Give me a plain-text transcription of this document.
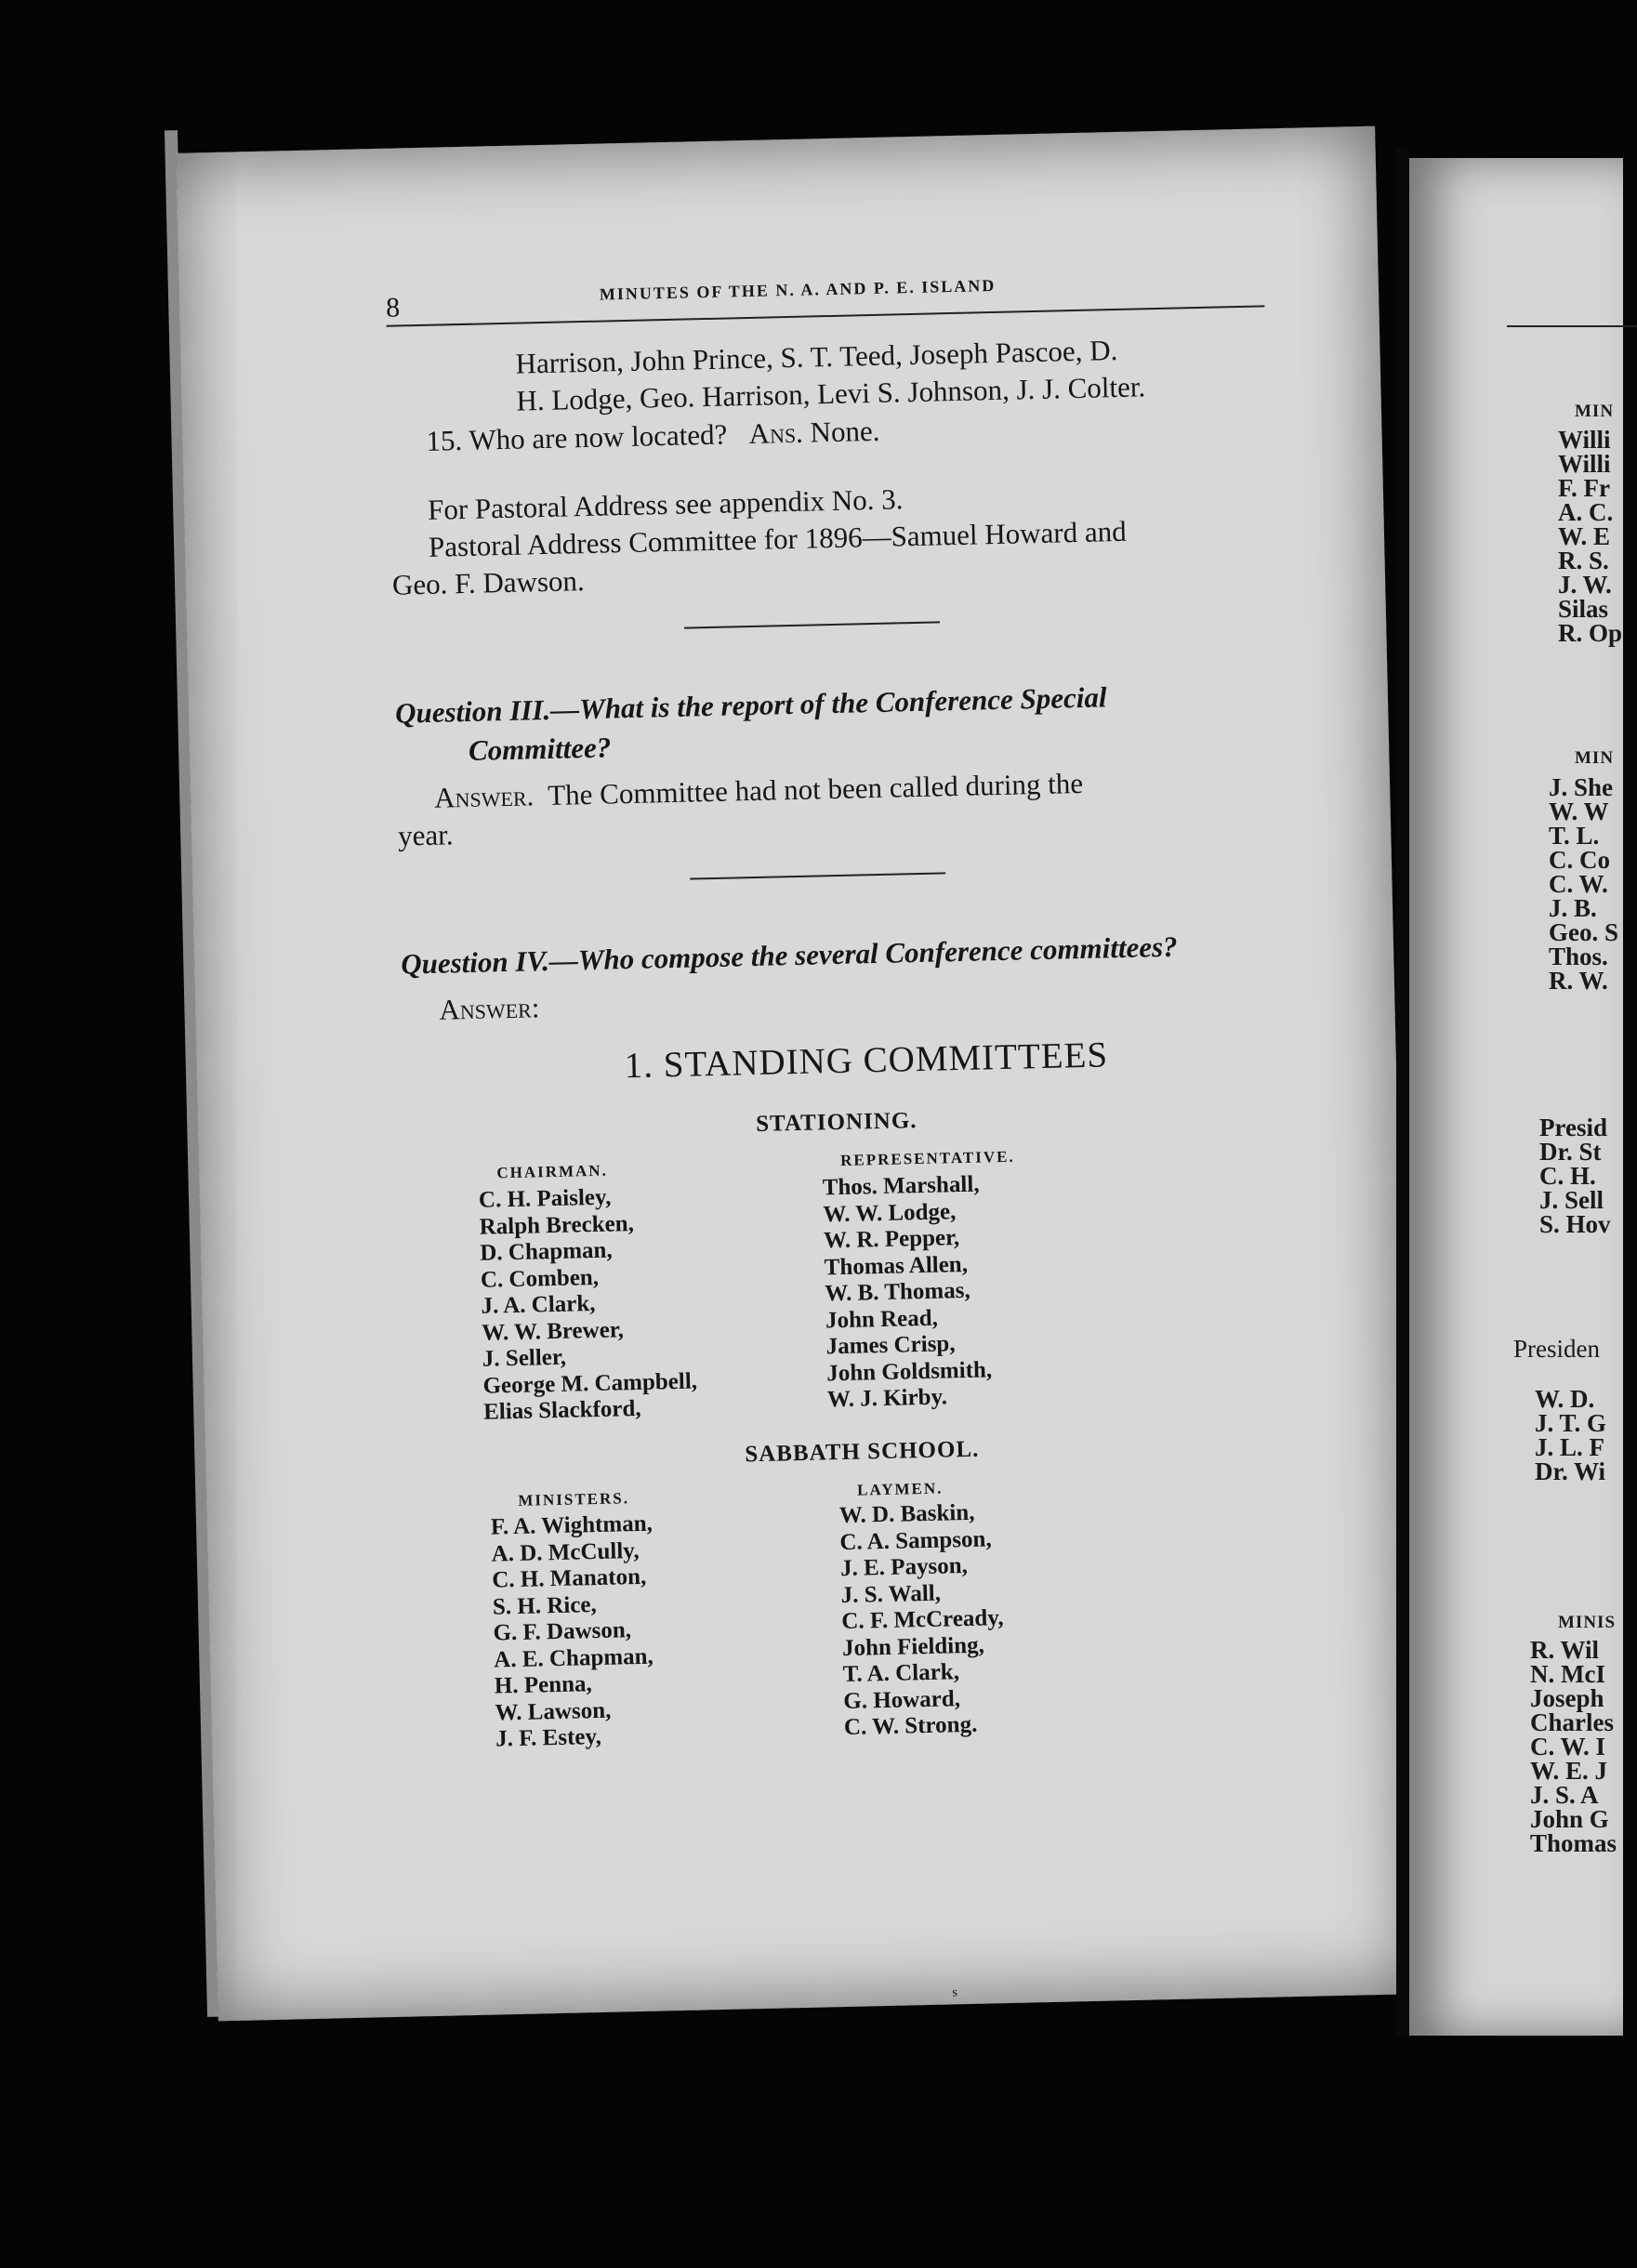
8
MINUTES OF THE N. A. AND P. E. ISLAND
Harrison, John Prince, S. T. Teed, Joseph Pascoe, D.
H. Lodge, Geo. Harrison, Levi S. Johnson, J. J. Colter.
15. Who are now located? Ans. None.
For Pastoral Address see appendix No. 3.
Pastoral Address Committee for 1896—Samuel Howard and
Geo. F. Dawson.
Question III.—What is the report of the Conference Special
Committee?
Answer. The Committee had not been called during the
year.
Question IV.—Who compose the several Conference committees?
Answer:
1. STANDING COMMITTEES
STATIONING.
CHAIRMAN.
REPRESENTATIVE.
C. H. Paisley,
Ralph Brecken,
D. Chapman,
C. Comben,
J. A. Clark,
W. W. Brewer,
J. Seller,
George M. Campbell,
Elias Slackford,
Thos. Marshall,
W. W. Lodge,
W. R. Pepper,
Thomas Allen,
W. B. Thomas,
John Read,
James Crisp,
John Goldsmith,
W. J. Kirby.
SABBATH SCHOOL.
MINISTERS.
LAYMEN.
F. A. Wightman,
A. D. McCully,
C. H. Manaton,
S. H. Rice,
G. F. Dawson,
A. E. Chapman,
H. Penna,
W. Lawson,
J. F. Estey,
W. D. Baskin,
C. A. Sampson,
J. E. Payson,
J. S. Wall,
C. F. McCready,
John Fielding,
T. A. Clark,
G. Howard,
C. W. Strong.
s
MIN
Willi
Willi
F. Fr
A. C.
W. E
R. S.
J. W.
Silas
R. Op
MIN
J. She
W. W
T. L.
C. Co
C. W.
J. B.
Geo. S
Thos.
R. W.
Presid
Dr. St
C. H.
J. Sell
S. Hov
Presiden
W. D.
J. T. G
J. L. F
Dr. Wi
MINIS
R. Wil
N. McI
Joseph
Charles
C. W. I
W. E. J
J. S. A
John G
Thomas
